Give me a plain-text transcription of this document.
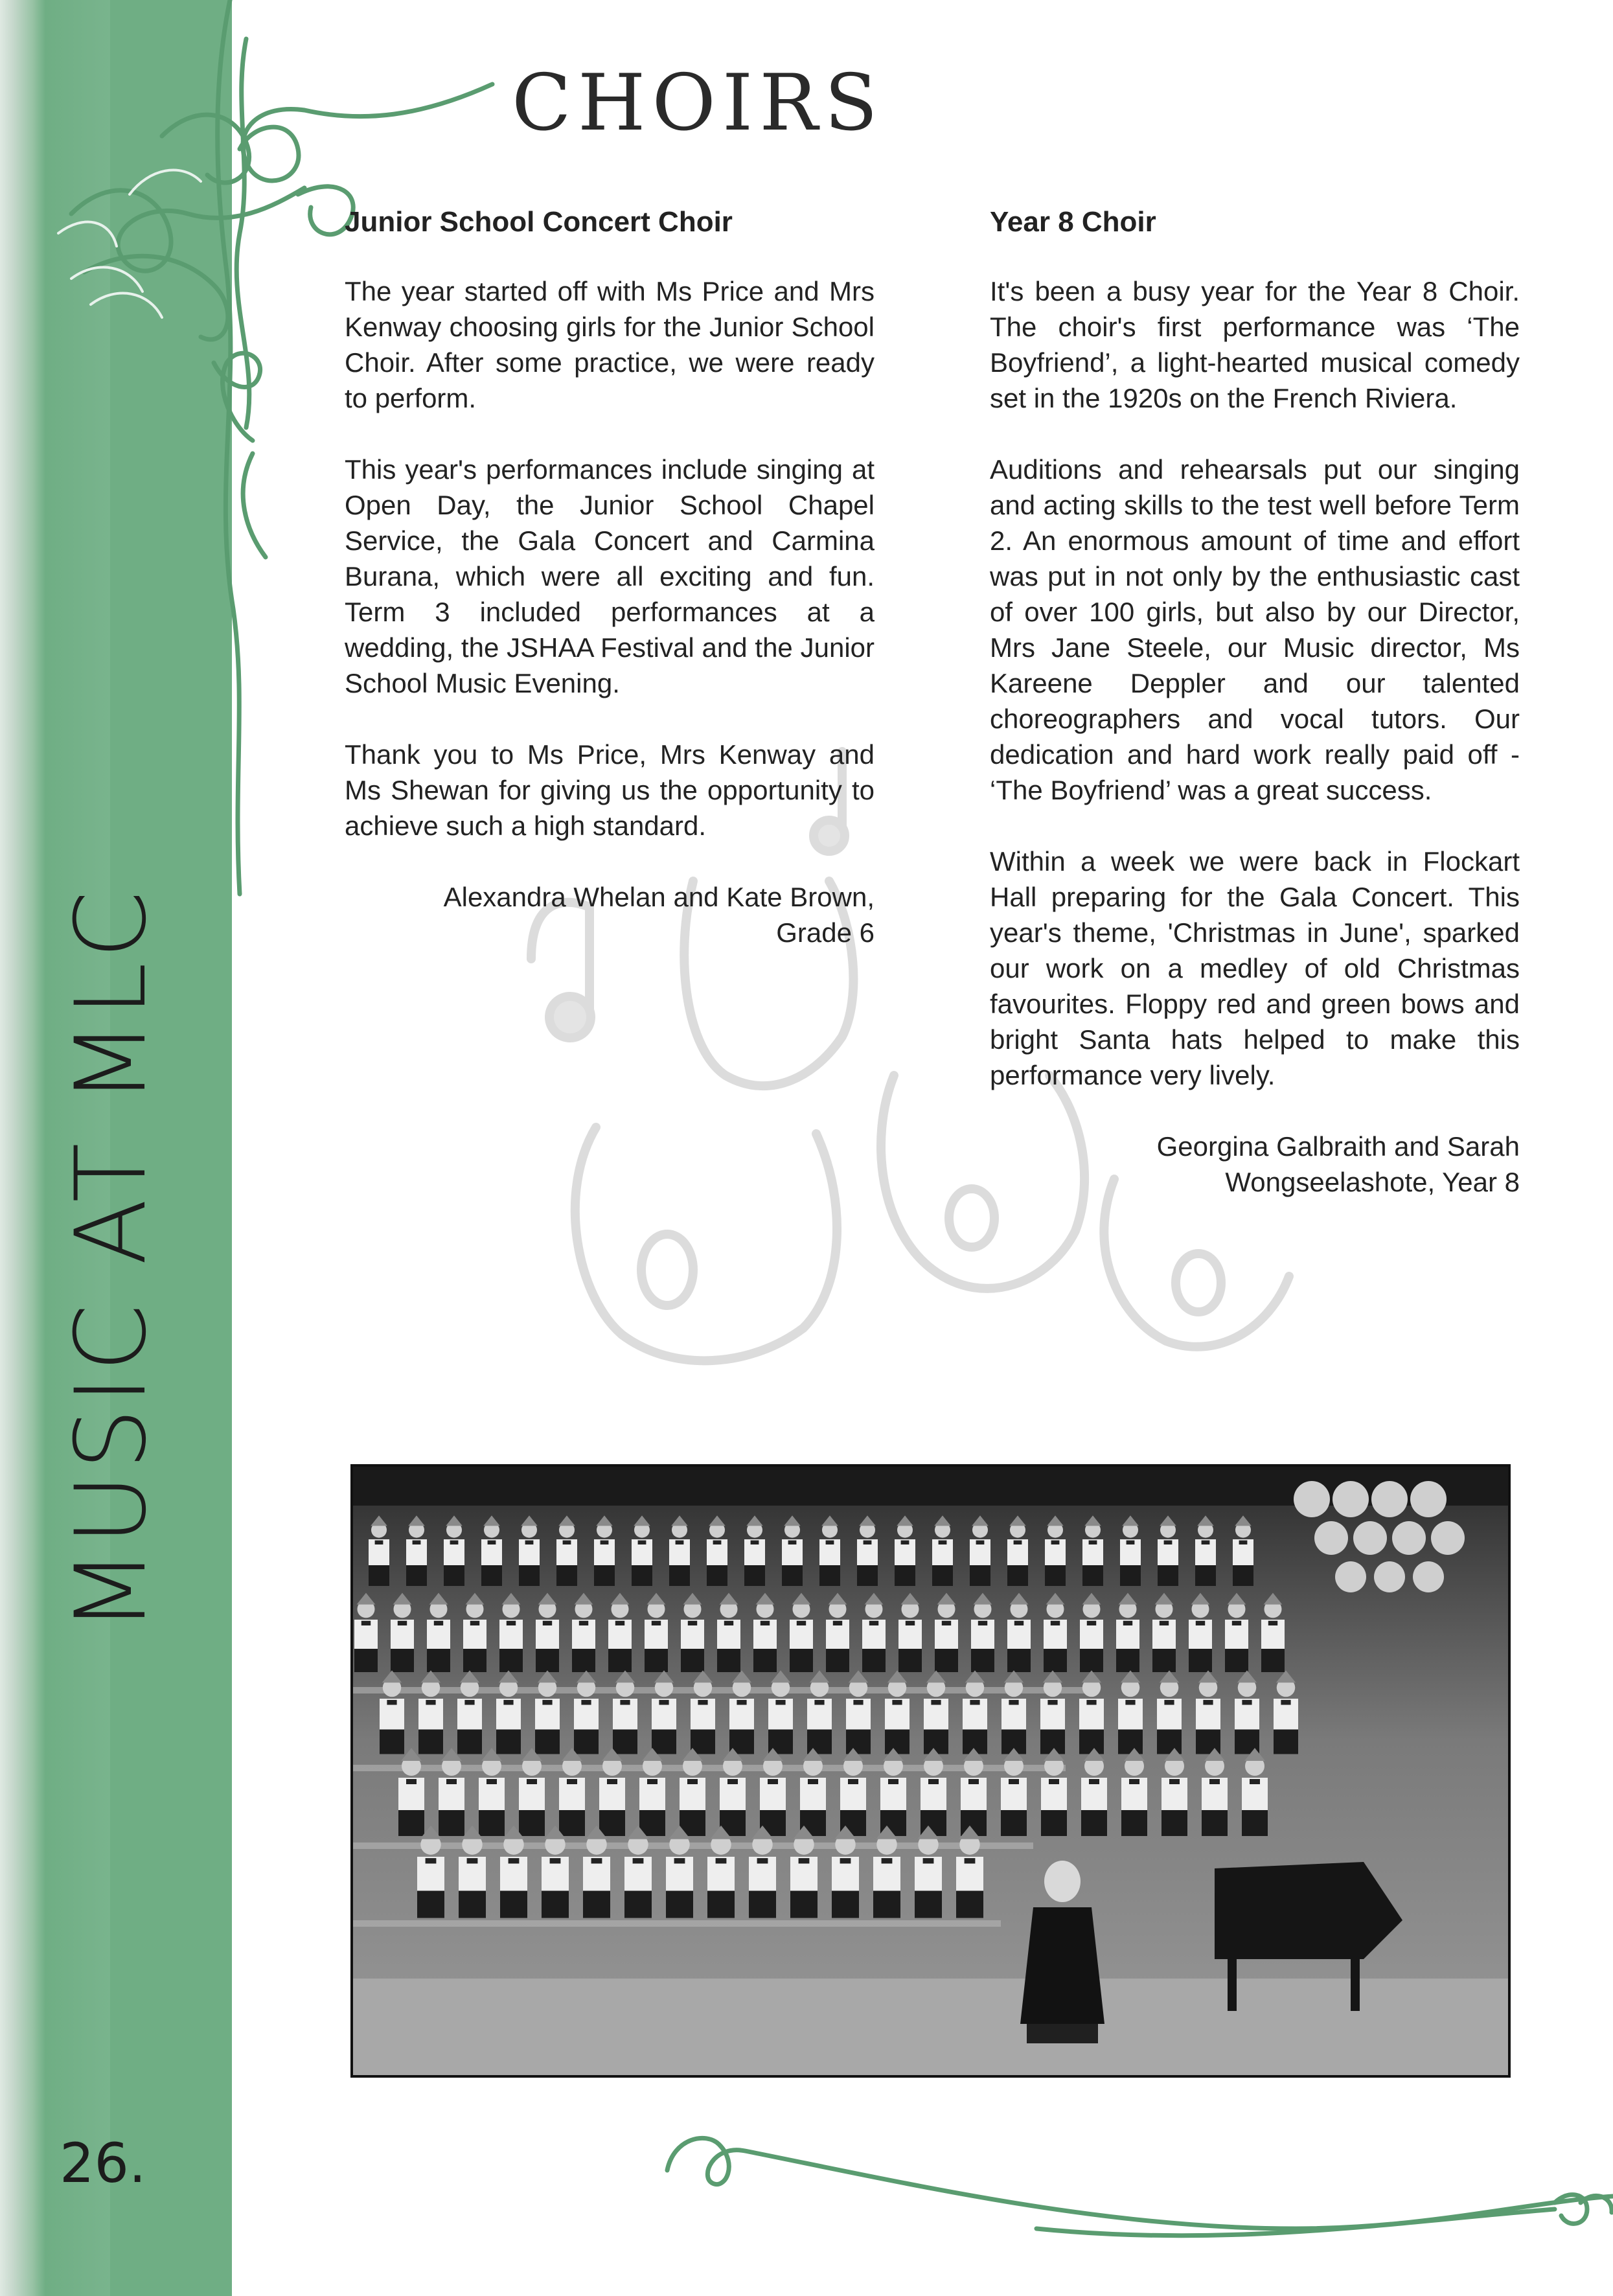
MUSIC AT MLC
26.
CHOIRS

Junior School Concert Choir

The year started off with Ms Price and Mrs Kenway choosing girls for the Junior School Choir. After some practice, we were ready to perform.

This year's performances include singing at Open Day, the Junior School Chapel Service, the Gala Concert and Carmina Burana, which were all exciting and fun. Term 3 included performances at a wedding, the JSHAA Festival and the Junior School Music Evening.

Thank you to Ms Price, Mrs Kenway and Ms Shewan for giving us the opportunity to achieve such a high standard.

Alexandra Whelan and Kate Brown,

Grade 6

Year 8 Choir

It's been a busy year for the Year 8 Choir. The choir's first performance was ‘The Boyfriend’, a light-hearted musical comedy set in the 1920s on the French Riviera.

Auditions and rehearsals put our singing and acting skills to the test well before Term 2. An enormous amount of time and effort was put in not only by the enthusiastic cast of over 100 girls, but also by our Director, Mrs Jane Steele, our Music director, Ms Kareene Deppler and our talented choreographers and vocal tutors. Our dedication and hard work really paid off - ‘The Boyfriend’ was a great success.

Within a week we were back in Flockart Hall preparing for the Gala Concert. This year's theme, 'Christmas in June', sparked our work on a medley of old Christmas favourites. Floppy red and green bows and bright Santa hats helped to make this performance very lively.

Georgina Galbraith and Sarah

Wongseelashote, Year 8
